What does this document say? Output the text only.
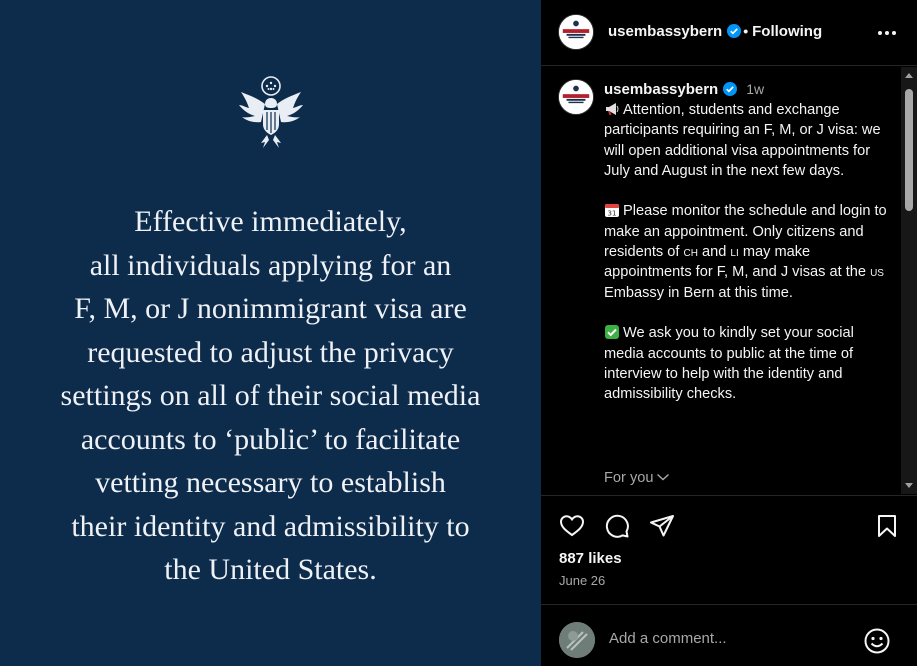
Effective immediately,
all individuals applying for an
F, M, or J nonimmigrant visa are
requested to adjust the privacy
settings on all of their social media
accounts to ‘public’ to facilitate
vetting necessary to establish
their identity and admissibility to
the United States.
usembassybern • Following
usembassybern 1w

Attention, students and exchange participants requiring an F, M, or J visa: we will open additional visa appointments for July and August in the next few days.

31 Please monitor the schedule and login to make an appointment. Only citizens and residents of ch and li may make appointments for F, M, and J visas at the us Embassy in Bern at this time.

We ask you to kindly set your social media accounts to public at the time of interview to help with the identity and admissibility checks.

For you
887 likes
June 26
Add a comment...
